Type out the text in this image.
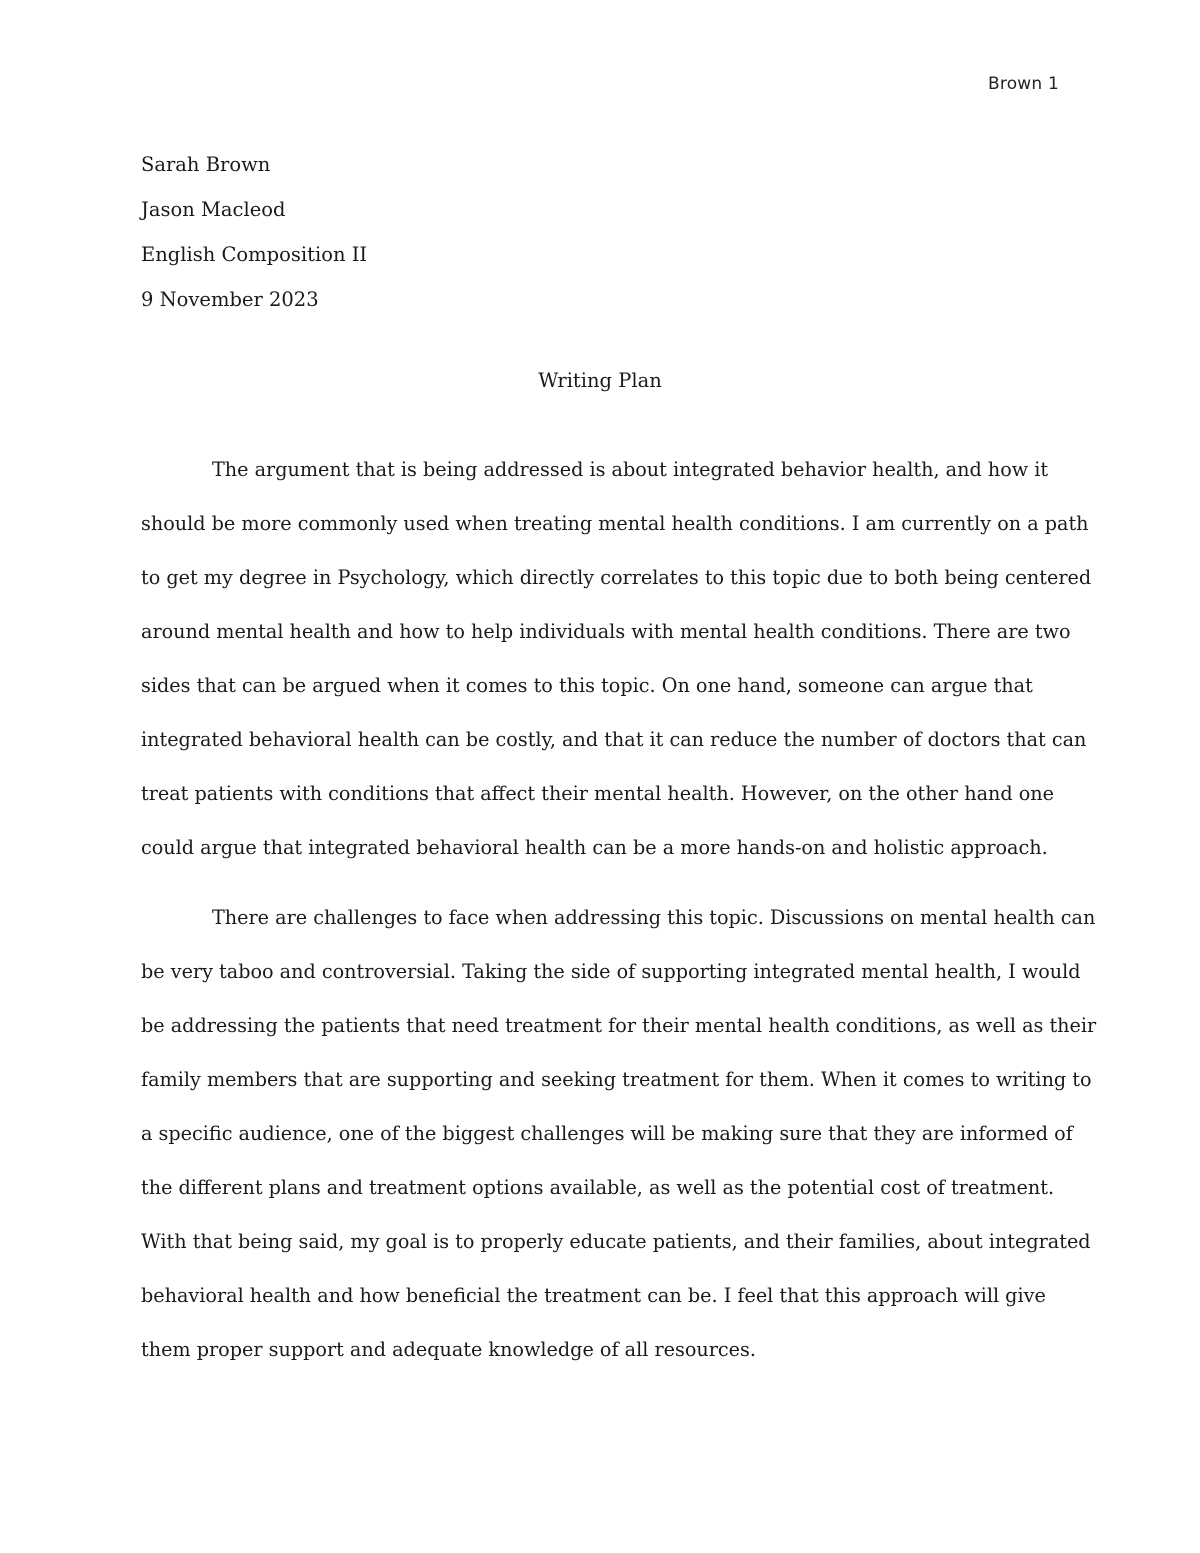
Brown 1
Sarah Brown
Jason Macleod
English Composition II
9 November 2023
Writing Plan
The argument that is being addressed is about integrated behavior health, and how it
should be more commonly used when treating mental health conditions. I am currently on a path
to get my degree in Psychology, which directly correlates to this topic due to both being centered
around mental health and how to help individuals with mental health conditions. There are two
sides that can be argued when it comes to this topic. On one hand, someone can argue that
integrated behavioral health can be costly, and that it can reduce the number of doctors that can
treat patients with conditions that affect their mental health. However, on the other hand one
could argue that integrated behavioral health can be a more hands-on and holistic approach.
There are challenges to face when addressing this topic. Discussions on mental health can
be very taboo and controversial. Taking the side of supporting integrated mental health, I would
be addressing the patients that need treatment for their mental health conditions, as well as their
family members that are supporting and seeking treatment for them. When it comes to writing to
a specific audience, one of the biggest challenges will be making sure that they are informed of
the different plans and treatment options available, as well as the potential cost of treatment.
With that being said, my goal is to properly educate patients, and their families, about integrated
behavioral health and how beneficial the treatment can be. I feel that this approach will give
them proper support and adequate knowledge of all resources.
